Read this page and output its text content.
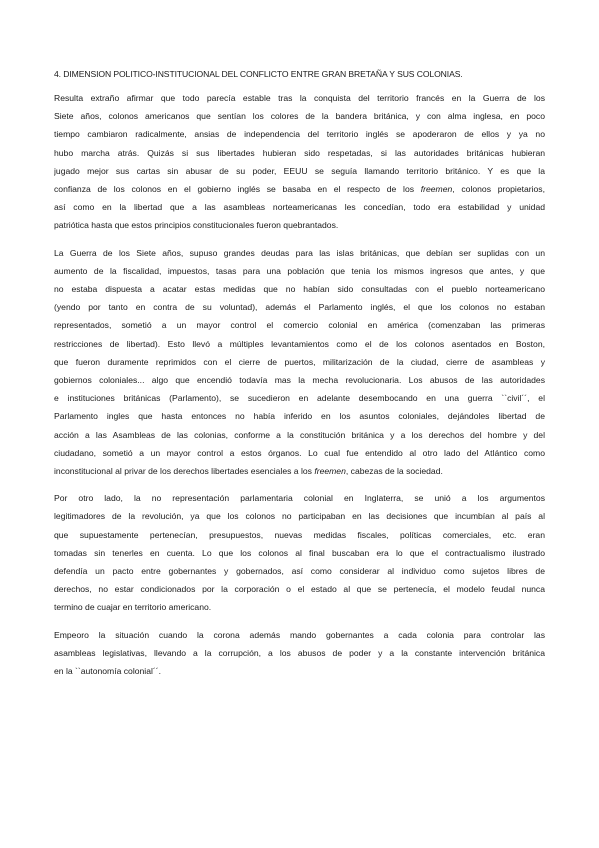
4. DIMENSION POLITICO-INSTITUCIONAL DEL CONFLICTO ENTRE GRAN BRETAÑA Y SUS COLONIAS.
Resulta extraño afirmar que todo parecía estable tras la conquista del territorio francés en la Guerra de los
Siete años, colonos americanos que sentían los colores de la bandera británica, y con alma inglesa, en poco
tiempo cambiaron radicalmente, ansias de independencia del territorio inglés se apoderaron de ellos y ya no
hubo marcha atrás. Quizás si sus libertades hubieran sido respetadas, si las autoridades británicas hubieran
jugado mejor sus cartas sin abusar de su poder, EEUU se seguía llamando territorio británico. Y es que la
confianza de los colonos en el gobierno inglés se basaba en el respecto de los freemen, colonos propietarios,
así como en la libertad que a las asambleas norteamericanas les concedían, todo era estabilidad y unidad
patriótica hasta que estos principios constitucionales fueron quebrantados.
La Guerra de los Siete años, supuso grandes deudas para las islas británicas, que debían ser suplidas con un
aumento de la fiscalidad, impuestos, tasas para una población que tenia los mismos ingresos que antes, y que
no estaba dispuesta a acatar estas medidas que no habían sido consultadas con el pueblo norteamericano
(yendo por tanto en contra de su voluntad), además el Parlamento inglés, el que los colonos no estaban
representados, sometió a un mayor control el comercio colonial en américa (comenzaban las primeras
restricciones de libertad). Esto llevó a múltiples levantamientos como el de los colonos asentados en Boston,
que fueron duramente reprimidos con el cierre de puertos, militarización de la ciudad, cierre de asambleas y
gobiernos coloniales... algo que encendió todavía mas la mecha revolucionaria. Los abusos de las autoridades
e instituciones británicas (Parlamento), se sucedieron en adelante desembocando en una guerra ``civil´´, el
Parlamento ingles que hasta entonces no había inferido en los asuntos coloniales, dejándoles libertad de
acción a las Asambleas de las colonias, conforme a la constitución británica y a los derechos del hombre y del
ciudadano, sometió a un mayor control a estos órganos. Lo cual fue entendido al otro lado del Atlántico como
inconstitucional al privar de los derechos libertades esenciales a los freemen, cabezas de la sociedad.
Por otro lado, la no representación parlamentaria colonial en Inglaterra, se unió a los argumentos
legitimadores de la revolución, ya que los colonos no participaban en las decisiones que incumbían al país al
que supuestamente pertenecían, presupuestos, nuevas medidas fiscales, políticas comerciales, etc. eran
tomadas sin tenerles en cuenta. Lo que los colonos al final buscaban era lo que el contractualismo ilustrado
defendía un pacto entre gobernantes y gobernados, así como considerar al individuo como sujetos libres de
derechos, no estar condicionados por la corporación o el estado al que se pertenecía, el modelo feudal nunca
termino de cuajar en territorio americano.
Empeoro la situación cuando la corona además mando gobernantes a cada colonia para controlar las
asambleas legislativas, llevando a la corrupción, a los abusos de poder y a la constante intervención británica
en la ``autonomía colonial´´.
